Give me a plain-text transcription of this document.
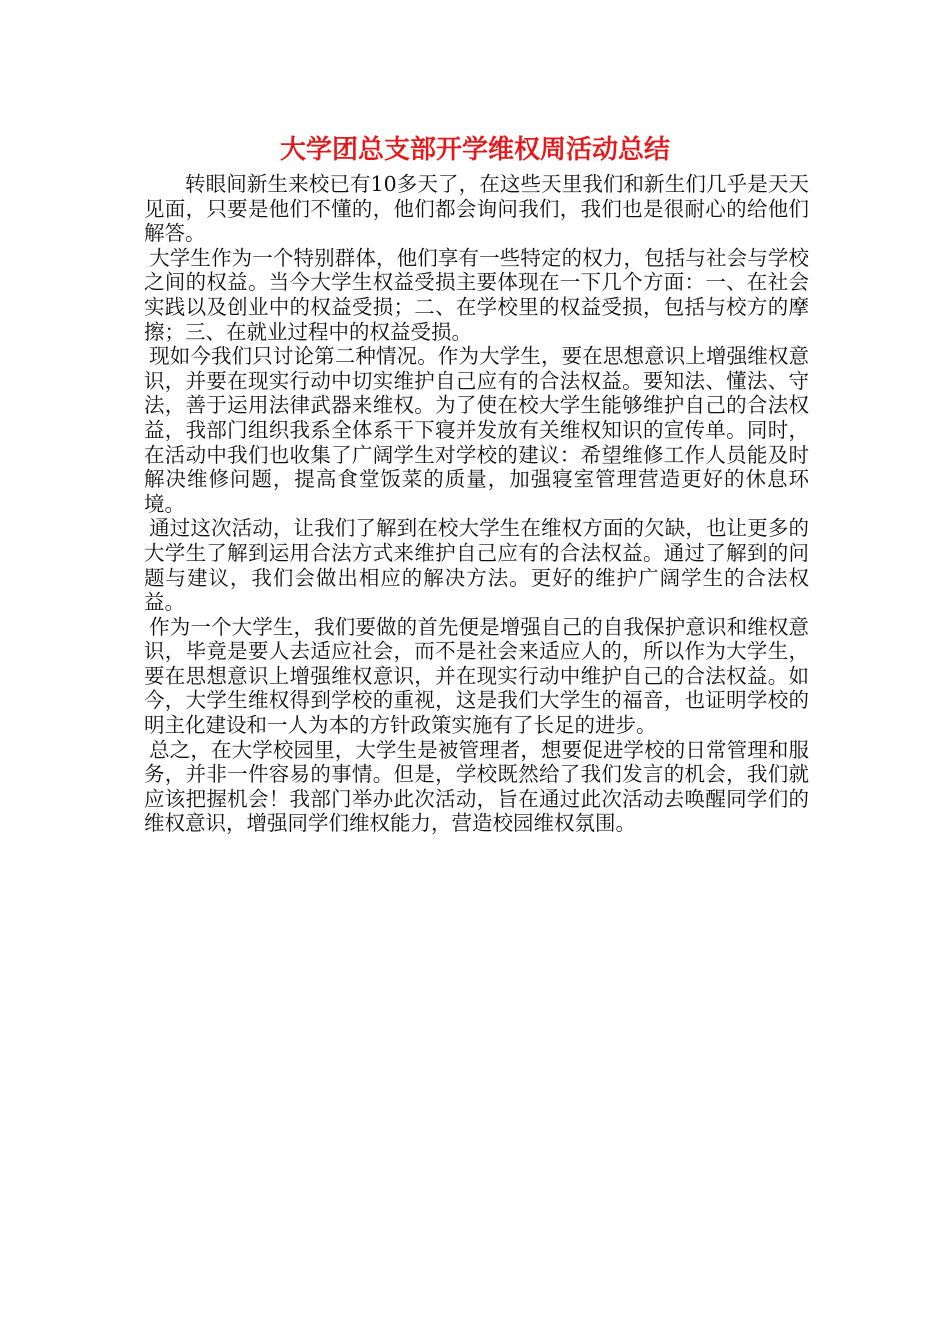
大学团总支部开学维权周活动总结

转眼间新生来校已有10多天了，在这些天里我们和新生们几乎是天天见面，只要是他们不懂的，他们都会询问我们，我们也是很耐心的给他们解答。

大学生作为一个特别群体，他们享有一些特定的权力，包括与社会与学校之间的权益。当今大学生权益受损主要体现在一下几个方面：一、在社会实践以及创业中的权益受损；二、在学校里的权益受损，包括与校方的摩擦；三、在就业过程中的权益受损。

现如今我们只讨论第二种情况。作为大学生，要在思想意识上增强维权意识，并要在现实行动中切实维护自己应有的合法权益。要知法、懂法、守法，善于运用法律武器来维权。为了使在校大学生能够维护自己的合法权益，我部门组织我系全体系干下寝并发放有关维权知识的宣传单。同时，在活动中我们也收集了广阔学生对学校的建议：希望维修工作人员能及时解决维修问题，提高食堂饭菜的质量，加强寝室管理营造更好的休息环境。

通过这次活动，让我们了解到在校大学生在维权方面的欠缺，也让更多的大学生了解到运用合法方式来维护自己应有的合法权益。通过了解到的问题与建议，我们会做出相应的解决方法。更好的维护广阔学生的合法权益。

作为一个大学生，我们要做的首先便是增强自己的自我保护意识和维权意识，毕竟是要人去适应社会，而不是社会来适应人的，所以作为大学生，要在思想意识上增强维权意识，并在现实行动中维护自己的合法权益。如今，大学生维权得到学校的重视，这是我们大学生的福音，也证明学校的明主化建设和一人为本的方针政策实施有了长足的进步。

总之，在大学校园里，大学生是被管理者，想要促进学校的日常管理和服务，并非一件容易的事情。但是，学校既然给了我们发言的机会，我们就应该把握机会！我部门举办此次活动，旨在通过此次活动去唤醒同学们的维权意识，增强同学们维权能力，营造校园维权氛围。
